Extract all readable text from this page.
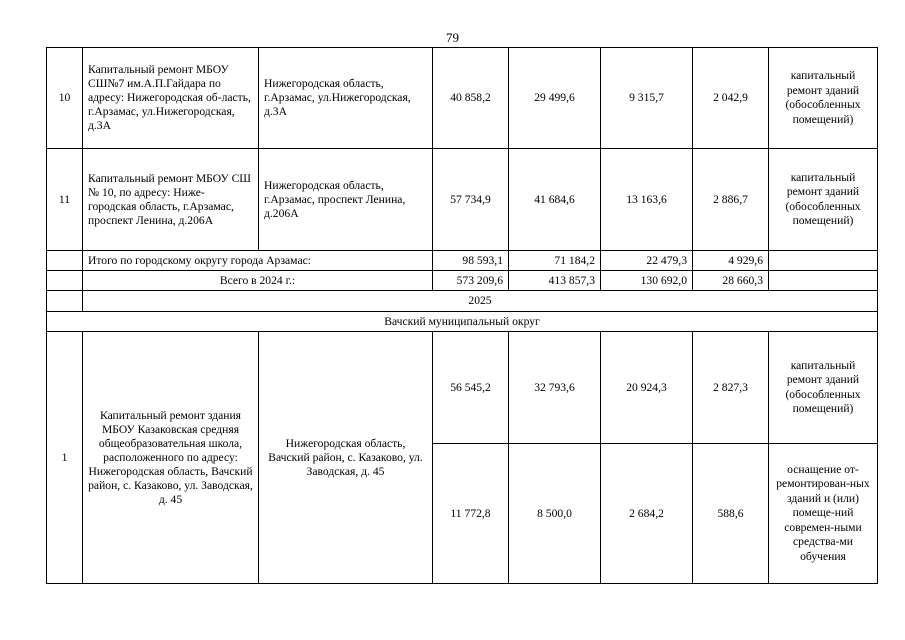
79
10	Капитальный ремонт МБОУ СШ№7 им.А.П.Гайдара по адресу: Нижегородская об-ласть, г.Арзамас, ул.Нижегородская, д.3А	Нижегородская область, г.Арзамас, ул.Нижегородская, д.3А	40 858,2	29 499,6	9 315,7	2 042,9	капитальный ремонт зданий (обособленных помещений)
11	Капитальный ремонт МБОУ СШ № 10, по адресу: Ниже-городская область, г.Арзамас, проспект Ленина, д.206А	Нижегородская область, г.Арзамас, проспект Ленина, д.206А	57 734,9	41 684,6	13 163,6	2 886,7	капитальный ремонт зданий (обособленных помещений)
	Итого по городскому округу города Арзамас:		98 593,1	71 184,2	22 479,3	4 929,6	
	Всего в 2024 г.:		573 209,6	413 857,3	130 692,0	28 660,3	
	2025						
Вачский муниципальный округ							
1	Капитальный ремонт здания МБОУ Казаковская средняя общеобразовательная школа, расположенного по адресу: Нижегородская область, Вачский район, с. Казаково, ул. Заводская, д. 45	Нижегородская область, Вачский район, с. Казаково, ул. Заводская, д. 45	56 545,2	32 793,6	20 924,3	2 827,3	капитальный ремонт зданий (обособленных помещений)
			11 772,8	8 500,0	2 684,2	588,6	оснащение от-ремонтирован-ных зданий и (или) помеще-ний современ-ными средства-ми обучения
